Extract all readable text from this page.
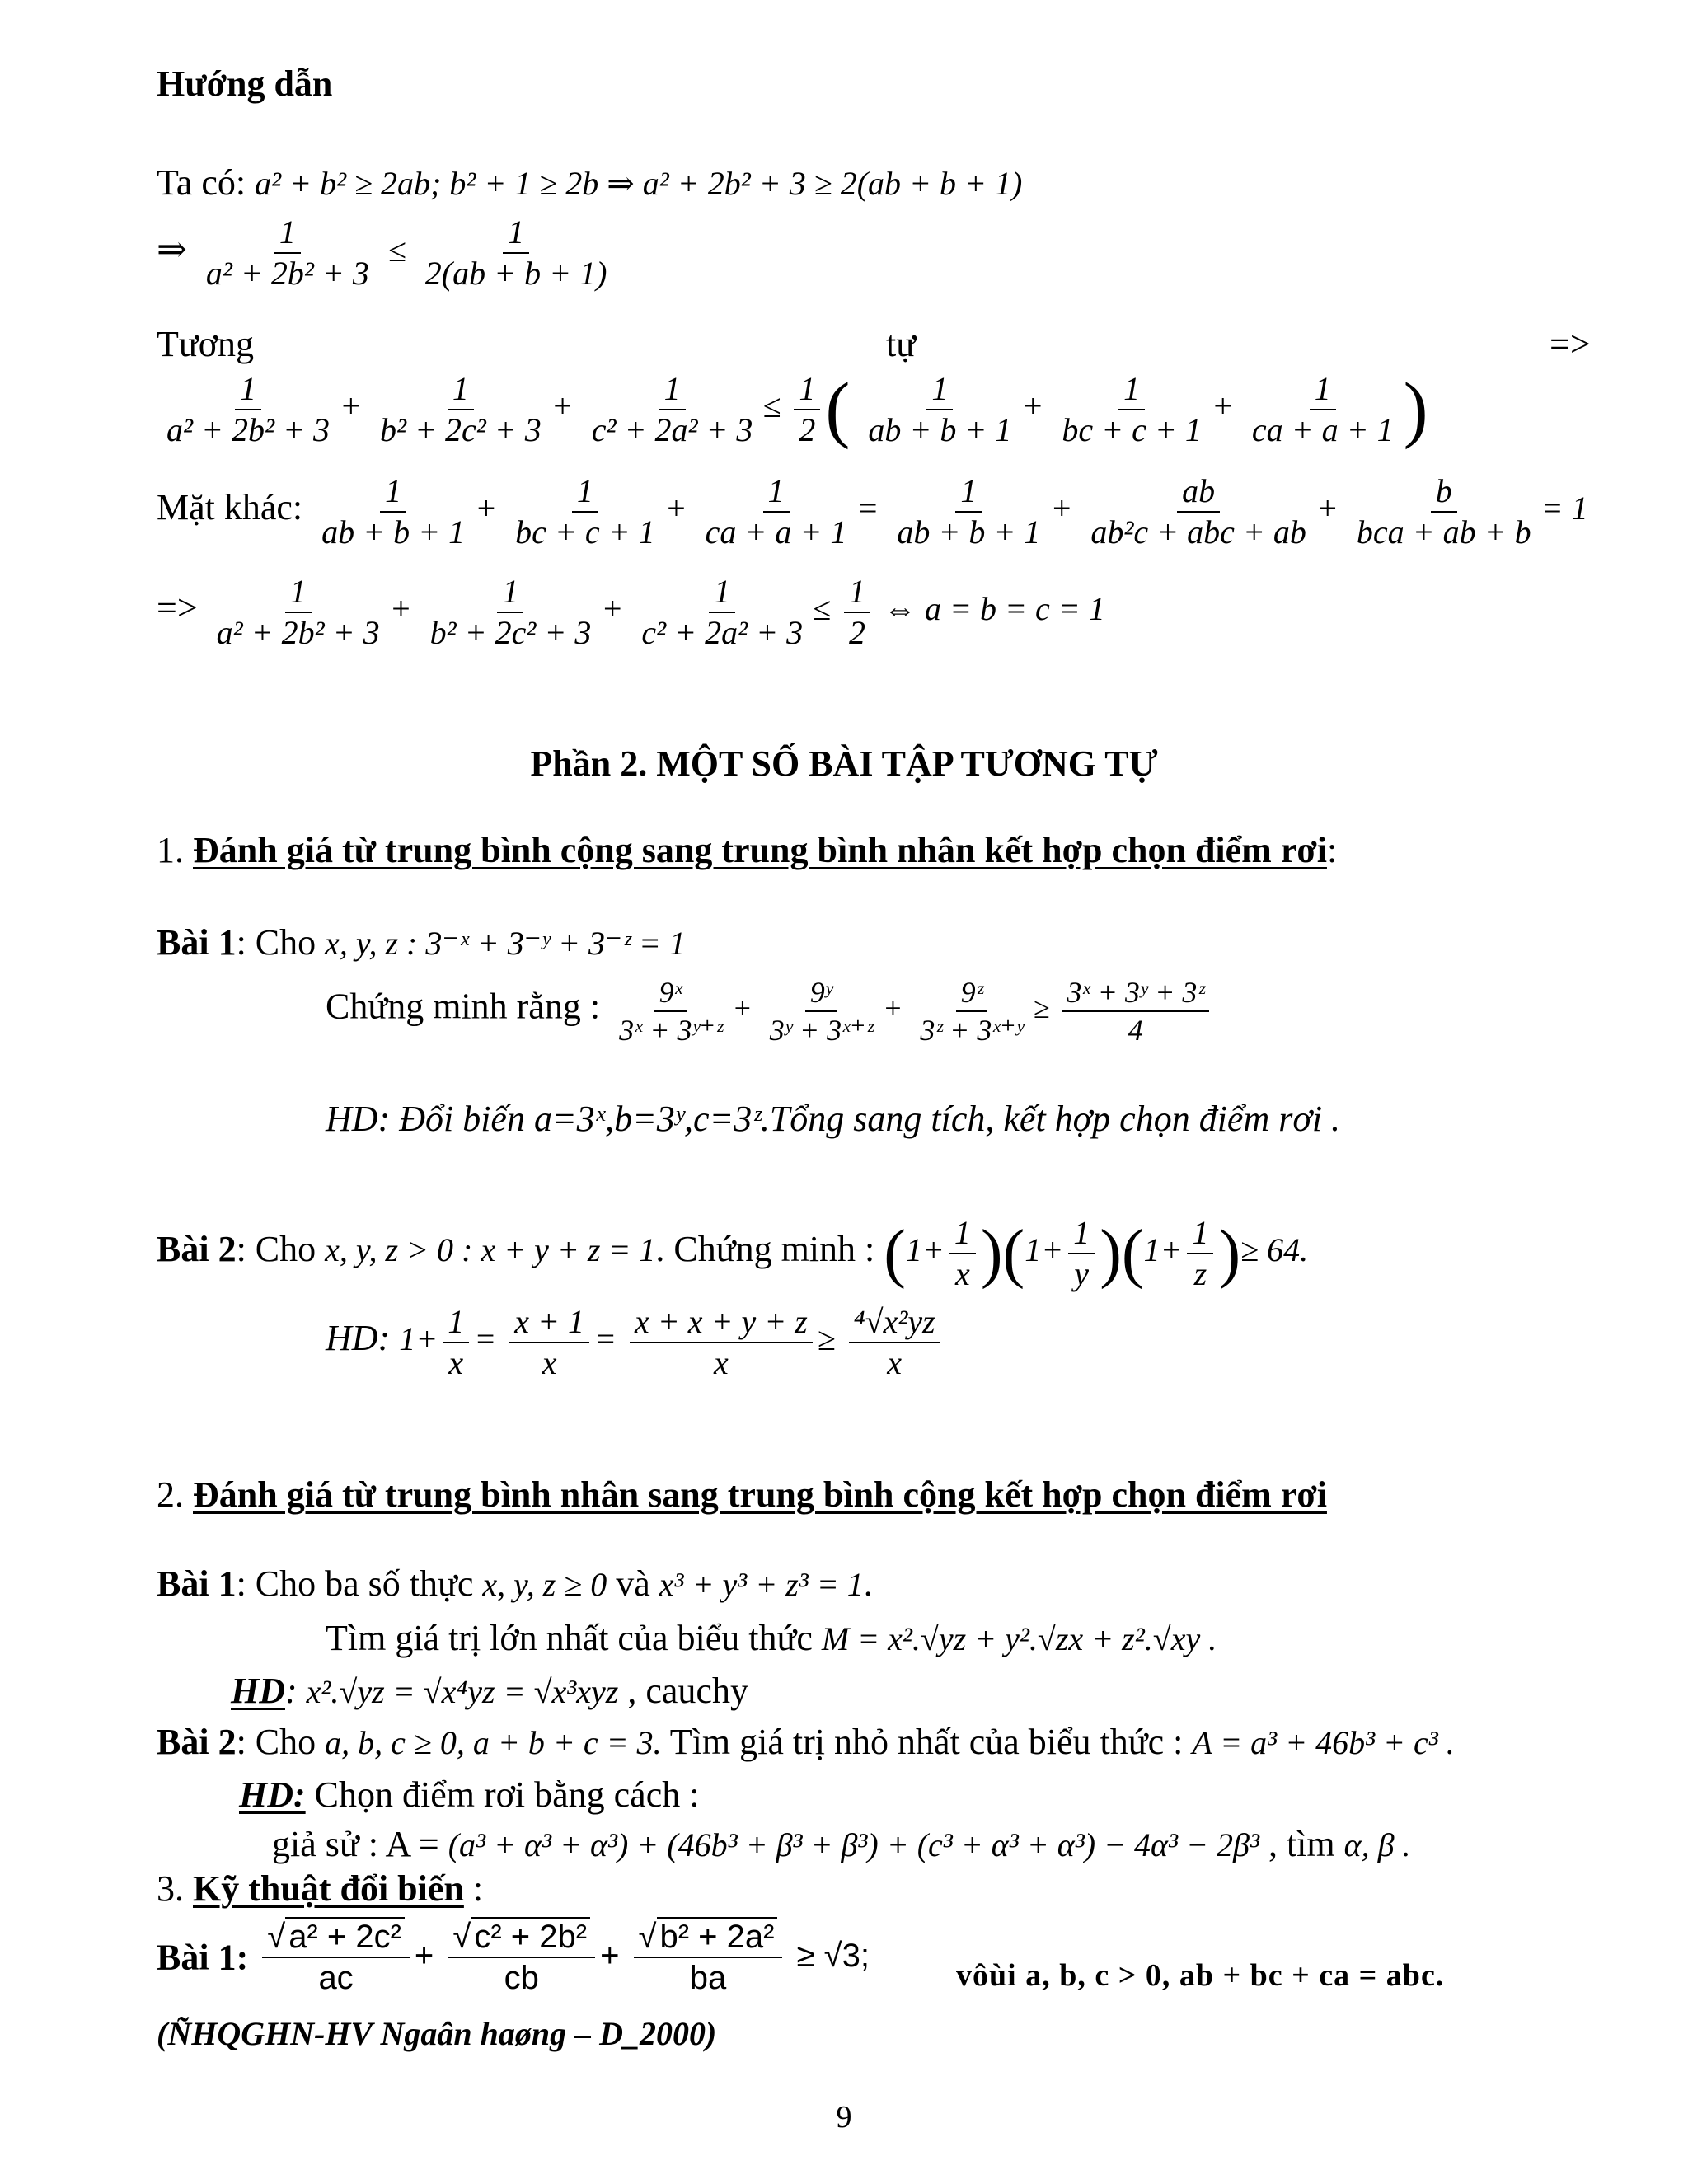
Hướng dẫn
Ta có: a² + b² ≥ 2ab; b² + 1 ≥ 2b ⇒ a² + 2b² + 3 ≥ 2(ab + b + 1)
⇒ $\frac{1}{\text{a² + 2b² + 3}} \le \frac{1}{2(ab + b + 1)}$
Tương	tự	=>
$\frac{1}{\text{a² + 2b² + 3}} + \frac{1}{\text{b² + 2c² + 3}} + \frac{1}{\text{c² + 2a² + 3}} \le \frac{1}{2}$ ( $\frac{1}{ab + b + 1} + \frac{1}{bc + c + 1} + \frac{1}{ca + a + 1}$ )
Mặt khác: $\frac{1}{ab + b + 1} + \frac{1}{bc + c + 1} + \frac{1}{ca + a + 1} = \frac{1}{ab + b + 1} + \frac{ab}{\text{ab²c + abc + ab}} + \frac{b}{\text{bca + ab + b}} = 1$
=> $\frac{1}{\text{a² + 2b² + 3}} + \frac{1}{\text{b² + 2c² + 3}} + \frac{1}{\text{c² + 2a² + 3}} \le \frac{1}{2}$ ⇔ a = b = c = 1
Phần 2. MỘT SỐ BÀI TẬP TƯƠNG TỰ
1. Đánh giá từ trung bình cộng sang trung bình nhân kết hợp chọn điểm rơi:
Bài 1: Cho x, y, z : 3⁻ˣ + 3⁻ʸ + 3⁻ᶻ = 1
Chứng minh rằng : $\frac{\text{9ˣ}}{\text{3ˣ + 3ʸ⁺ᶻ}} + \frac{\text{9ʸ}}{\text{3ʸ + 3ˣ⁺ᶻ}} + \frac{\text{9ᶻ}}{\text{3ᶻ + 3ˣ⁺ʸ}} \ge \frac{\text{3ˣ + 3ʸ + 3ᶻ}}{4}$
HD: Đổi biến a=3ˣ,b=3ʸ,c=3ᶻ.Tổng sang tích, kết hợp chọn điểm rơi .
Bài 2: Cho x, y, z > 0 : x + y + z = 1. Chứng minh : $(1+ \frac{1}{x} )(1+ \frac{1}{y} )(1+ \frac{1}{z}$ )≥ 64.
HD: $1+ \frac{1}{x} = \frac{x + 1}{x} = \frac{x + x + y + z}{x} \ge \frac{\text{⁴√x²yz}}{x}$
2. Đánh giá từ trung bình nhân sang trung bình cộng kết hợp chọn điểm rơi
Bài 1: Cho ba số thực x, y, z ≥ 0 và x³ + y³ + z³ = 1.
Tìm giá trị lớn nhất của biểu thức M = x².√yz + y².√zx + z².√xy .
HD: x².√yz = √x⁴yz = √x³xyz , cauchy
Bài 2: Cho a, b, c ≥ 0, a + b + c = 3. Tìm giá trị nhỏ nhất của biểu thức : A = a³ + 46b³ + c³ .
HD: Chọn điểm rơi bằng cách :
giả sử : A = (a³ + α³ + α³) + (46b³ + β³ + β³) + (c³ + α³ + α³) − 4α³ − 2β³ , tìm α, β .
3. Kỹ thuật đổi biến :
Bài 1: $\frac{\text{√ a² + 2c²}}{ac} + \frac{\text{√ c² + 2b²}}{cb} + \frac{\text{√ b² + 2a²}}{ba} \ge √3$;
vôùi a, b, c > 0, ab + bc + ca = abc.
(ÑHQGHN-HV Ngaân haøng – D_2000)
9
